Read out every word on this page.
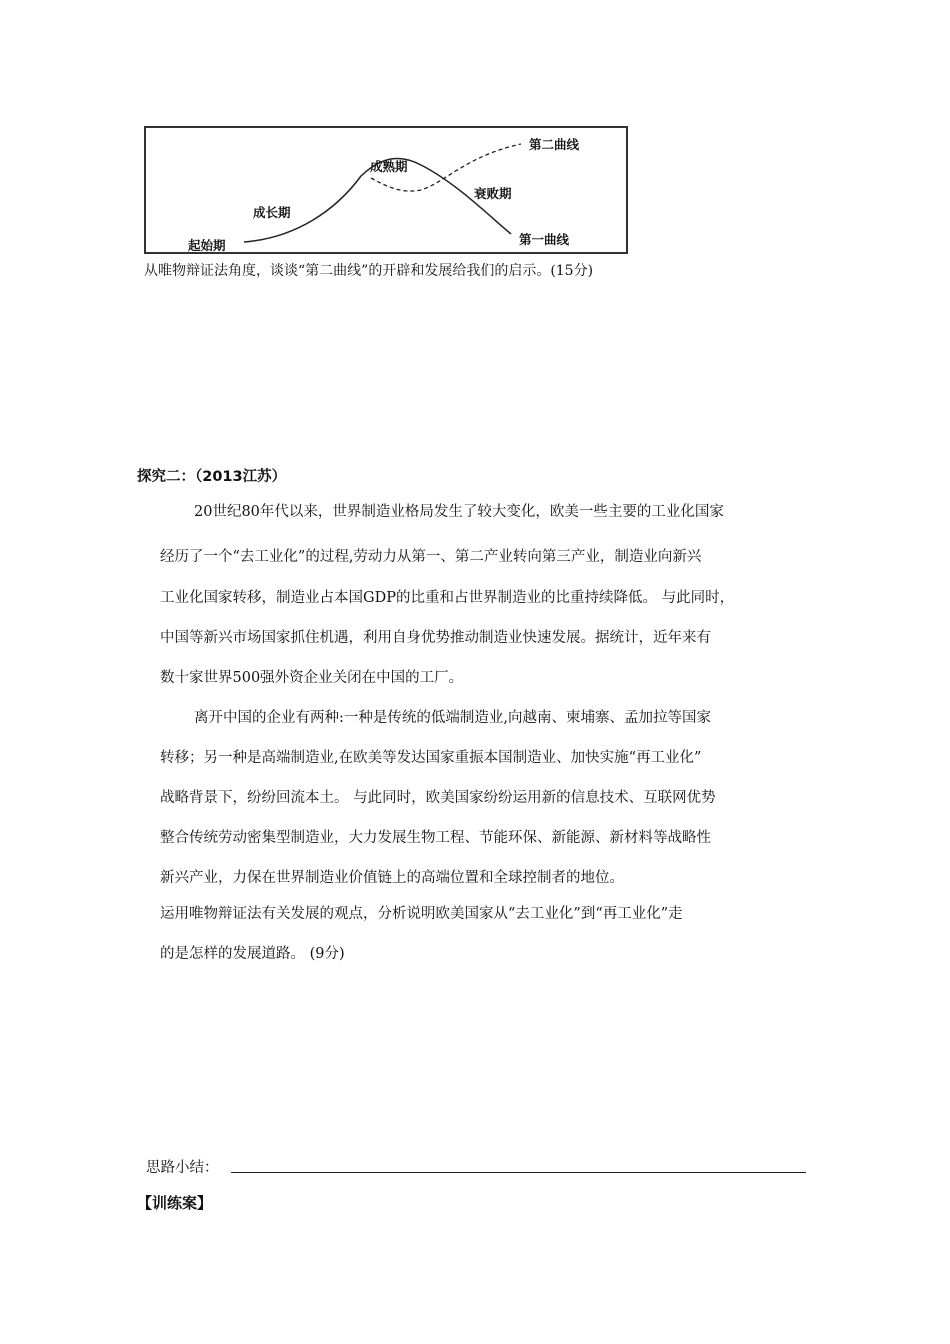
起始期
成长期
成熟期
衰败期
第一曲线
第二曲线
从唯物辩证法角度，谈谈“第二曲线”的开辟和发展给我们的启示。(15分)
探究二：（2013江苏）
20世纪80年代以来，世界制造业格局发生了较大变化，欧美一些主要的工业化国家
经历了一个“去工业化”的过程,劳动力从第一、第二产业转向第三产业，制造业向新兴
工业化国家转移，制造业占本国GDP的比重和占世界制造业的比重持续降低。 与此同时，
中国等新兴市场国家抓住机遇，利用自身优势推动制造业快速发展。据统计，近年来有
数十家世界500强外资企业关闭在中国的工厂。
离开中国的企业有两种:一种是传统的低端制造业,向越南、柬埔寨、孟加拉等国家
转移；另一种是高端制造业,在欧美等发达国家重振本国制造业、加快实施“再工业化”
战略背景下，纷纷回流本土。 与此同时，欧美国家纷纷运用新的信息技术、互联网优势
整合传统劳动密集型制造业，大力发展生物工程、节能环保、新能源、新材料等战略性
新兴产业，力保在世界制造业价值链上的高端位置和全球控制者的地位。
运用唯物辩证法有关发展的观点，分析说明欧美国家从“去工业化”到“再工业化”走
的是怎样的发展道路。 (9分)
思路小结：
【训练案】
